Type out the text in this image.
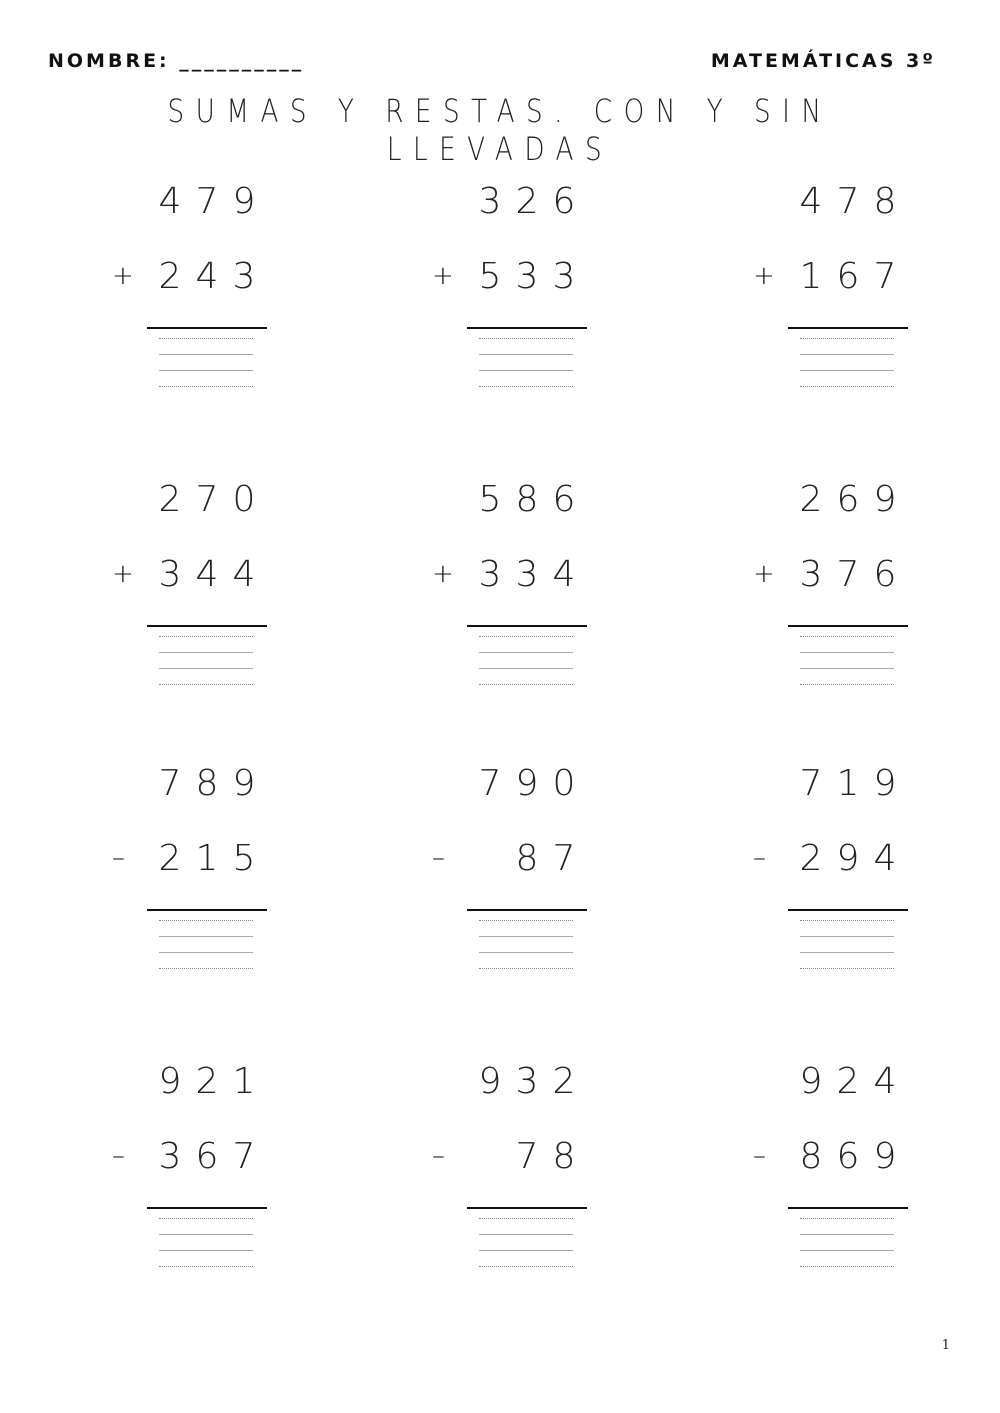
NOMBRE: __________	MATEMÁTICAS 3º
SUMAS Y RESTAS. CON Y SIN LLEVADAS
4 7 9
+ 2 4 3
3 2 6
+ 5 3 3
4 7 8
+ 1 6 7
2 7 0
+ 3 4 4
5 8 6
+ 3 3 4
2 6 9
+ 3 7 6
7 8 9
– 2 1 5
7 9 0
– 8 7
7 1 9
– 2 9 4
9 2 1
– 3 6 7
9 3 2
– 7 8
9 2 4
– 8 6 9
1
